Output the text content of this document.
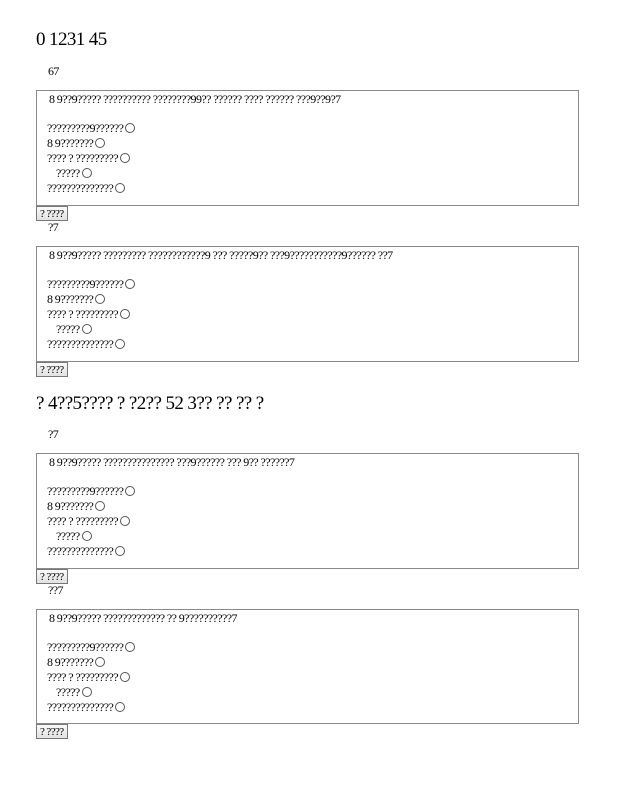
0 1231 45
67
8 9??9????? ?????????? ????????99?? ?????? ???? ?????? ???9??9?7
?????????9??????
8 9???????
???? ? ?????????
?????
??????????????
? ????
?7
8 9??9????? ????????? ????????????9 ??? ?????9?? ???9???????????9?????? ??7
?????????9??????
8 9???????
???? ? ?????????
?????
??????????????
? ????
? 4??5???? ? ?2?? 52 3?? ?? ?? ?
?7
8 9??9????? ??????????????? ???9?????? ??? 9?? ??????7
?????????9??????
8 9???????
???? ? ?????????
?????
??????????????
? ????
??7
8 9??9????? ????????????? ?? 9??????????7
?????????9??????
8 9???????
???? ? ?????????
?????
??????????????
? ????
